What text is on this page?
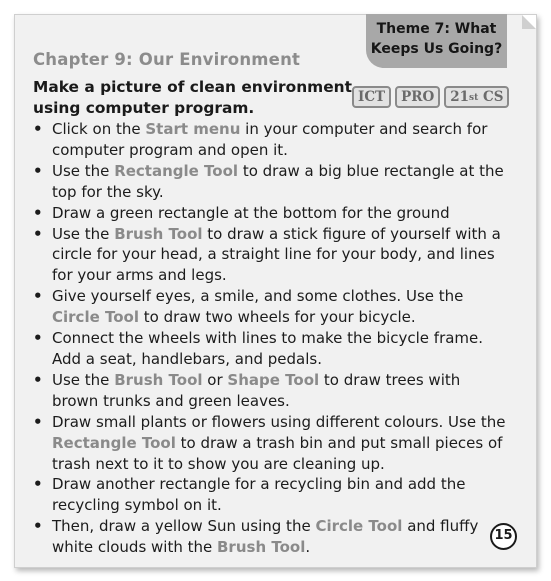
Theme 7: What
Keeps Us Going?
Chapter 9: Our Environment
Make a picture of clean environment using computer program.
ICT	PRO	21st CS
• Click on the Start menu in your computer and search for computer program and open it.
• Use the Rectangle Tool to draw a big blue rectangle at the top for the sky.
• Draw a green rectangle at the bottom for the ground
• Use the Brush Tool to draw a stick figure of yourself with a circle for your head, a straight line for your body, and lines for your arms and legs.
• Give yourself eyes, a smile, and some clothes. Use the Circle Tool to draw two wheels for your bicycle.
• Connect the wheels with lines to make the bicycle frame. Add a seat, handlebars, and pedals.
• Use the Brush Tool or Shape Tool to draw trees with brown trunks and green leaves.
• Draw small plants or flowers using different colours. Use the Rectangle Tool to draw a trash bin and put small pieces of trash next to it to show you are cleaning up.
• Draw another rectangle for a recycling bin and add the recycling symbol on it.
• Then, draw a yellow Sun using the Circle Tool and fluffy white clouds with the Brush Tool.
15
